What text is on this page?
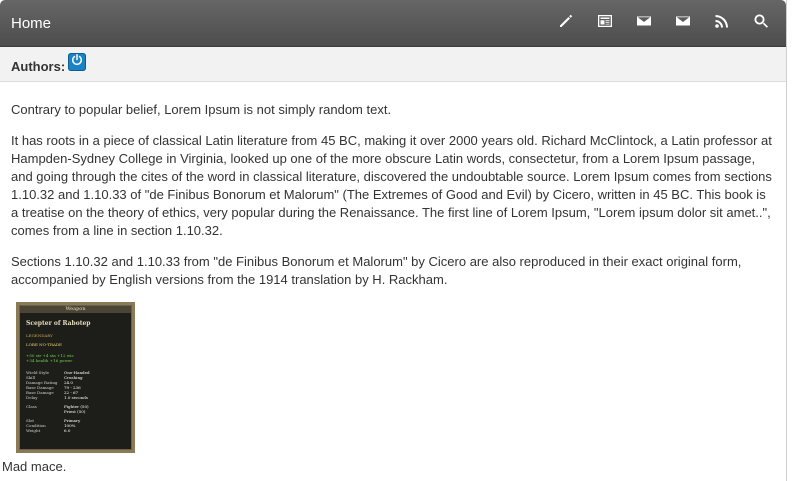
Home
Authors:

Contrary to popular belief, Lorem Ipsum is not simply random text.

It has roots in a piece of classical Latin literature from 45 BC, making it over 2000 years old. Richard McClintock, a Latin professor at Hampden-Sydney College in Virginia, looked up one of the more obscure Latin words, consectetur, from a Lorem Ipsum passage, and going through the cites of the word in classical literature, discovered the undoubtable source. Lorem Ipsum comes from sections 1.10.32 and 1.10.33 of "de Finibus Bonorum et Malorum" (The Extremes of Good and Evil) by Cicero, written in 45 BC. This book is a treatise on the theory of ethics, very popular during the Renaissance. The first line of Lorem Ipsum, "Lorem ipsum dolor sit amet..", comes from a line in section 1.10.32.

Sections 1.10.32 and 1.10.33 from "de Finibus Bonorum et Malorum" by Cicero are also reproduced in their exact original form, accompanied by English versions from the 1914 translation by H. Rackham.

Weapon
Scepter of Rabotep
LEGENDARY
LORE NO-TRADE
+50 str +4 sta +12 wis
+34 health +16 power
Wield Style	One-Handed
Skill	Crushing
Damage Rating	24.0
Base Damage	79 - 236
Base Damage	22 - 67
Delay	1.0 seconds
Class	Fighter (50)
Priest (50)
Slot	Primary
Condition	100%
Weight	6.0
Mad mace.
